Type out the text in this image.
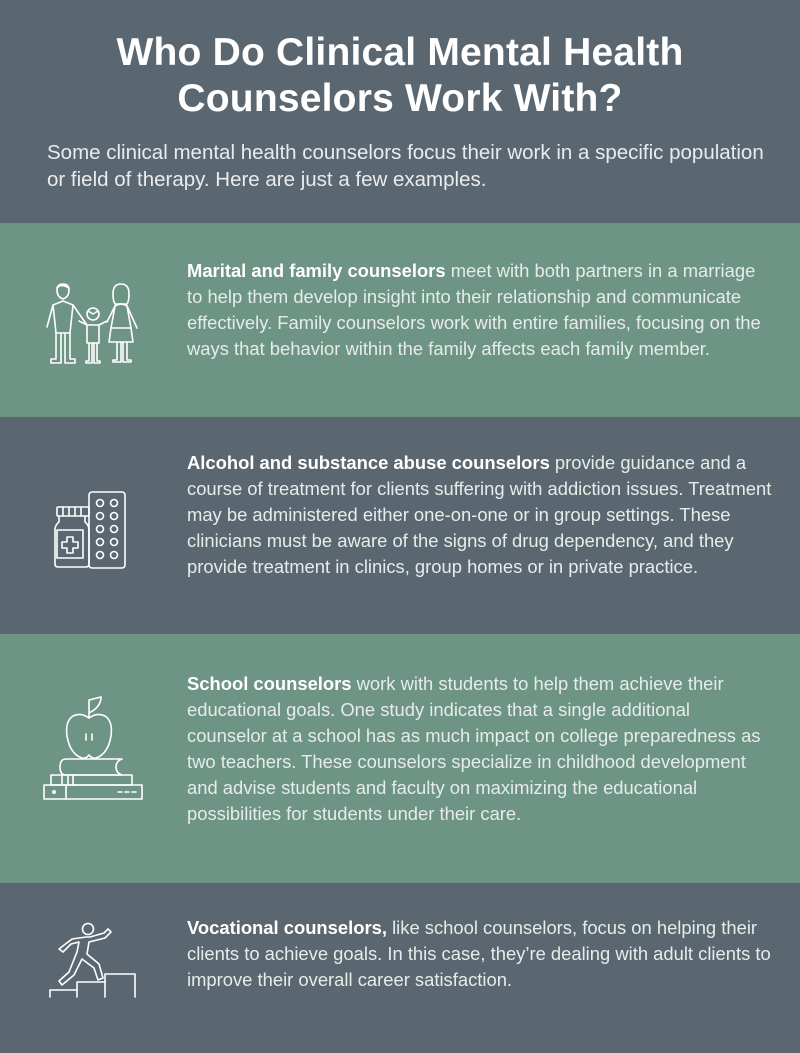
Who Do Clinical Mental Health
Counselors Work With?
Some clinical mental health counselors focus their work in a specific population or field of therapy. Here are just a few examples.
Marital and family counselors meet with both partners in a marriage to help them develop insight into their relationship and communicate effectively. Family counselors work with entire families, focusing on the ways that behavior within the family affects each family member.
Alcohol and substance abuse counselors provide guidance and a course of treatment for clients suffering with addiction issues. Treatment may be administered either one-on-one or in group settings. These clinicians must be aware of the signs of drug dependency, and they provide treatment in clinics, group homes or in private practice.
School counselors work with students to help them achieve their educational goals. One study indicates that a single additional counselor at a school has as much impact on college preparedness as two teachers. These counselors specialize in childhood development and advise students and faculty on maximizing the educational possibilities for students under their care.
Vocational counselors, like school counselors, focus on helping their clients to achieve goals. In this case, they’re dealing with adult clients to improve their overall career satisfaction.
